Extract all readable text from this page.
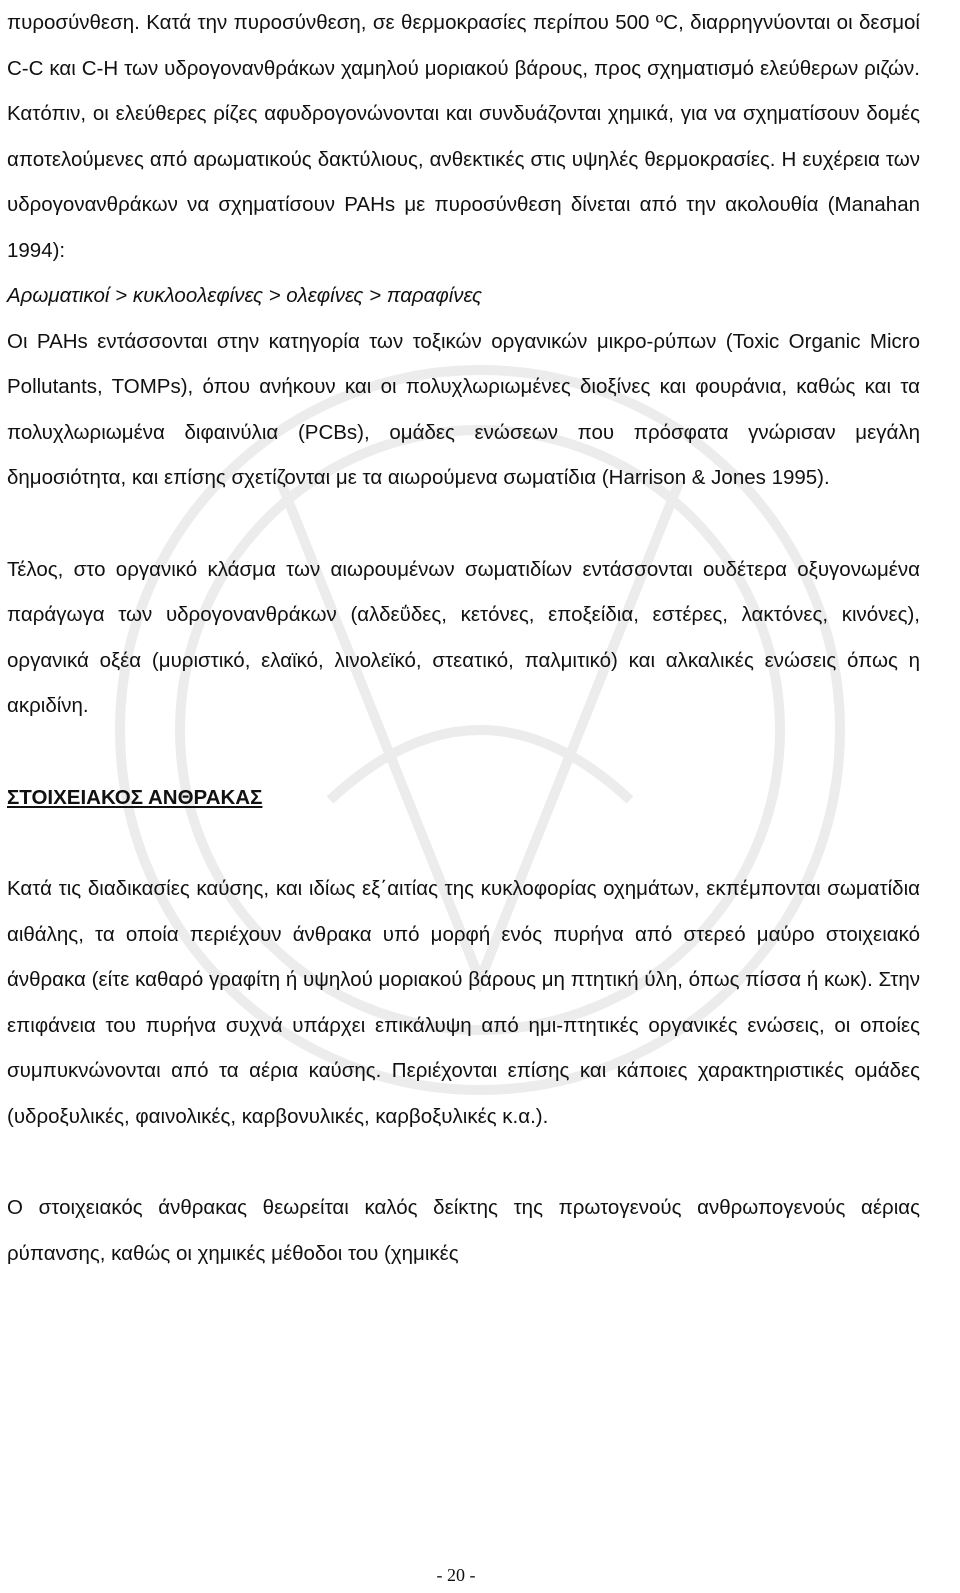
πυροσύνθεση. Κατά την πυροσύνθεση, σε θερμοκρασίες περίπου 500 ºC, διαρρηγνύονται οι δεσμοί C-C και C-H των υδρογονανθράκων χαμηλού μοριακού βάρους, προς σχηματισμό ελεύθερων ριζών. Κατόπιν, οι ελεύθερες ρίζες αφυδρογονώνονται και συνδυάζονται χημικά, για να σχηματίσουν δομές αποτελούμενες από αρωματικούς δακτύλιους, ανθεκτικές στις υψηλές θερμοκρασίες. Η ευχέρεια των υδρογονανθράκων να σχηματίσουν PAHs με πυροσύνθεση δίνεται από την ακολουθία (Manahan 1994):
Αρωματικοί > κυκλοολεφίνες > ολεφίνες > παραφίνες
Οι PAHs εντάσσονται στην κατηγορία των τοξικών οργανικών μικρο-ρύπων (Toxic Organic Micro Pollutants, TOMPs), όπου ανήκουν και οι πολυχλωριωμένες διοξίνες και φουράνια, καθώς και τα πολυχλωριωμένα διφαινύλια (PCBs), ομάδες ενώσεων που πρόσφατα γνώρισαν μεγάλη δημοσιότητα, και επίσης σχετίζονται με τα αιωρούμενα σωματίδια (Harrison & Jones 1995).

Τέλος, στο οργανικό κλάσμα των αιωρουμένων σωματιδίων εντάσσονται ουδέτερα οξυγονωμένα παράγωγα των υδρογονανθράκων (αλδεΰδες, κετόνες, εποξείδια, εστέρες, λακτόνες, κινόνες), οργανικά οξέα (μυριστικό, ελαϊκό, λινολεϊκό, στεατικό, παλμιτικό) και αλκαλικές ενώσεις όπως η ακριδίνη.

ΣΤΟΙΧΕΙΑΚΟΣ ΑΝΘΡΑΚΑΣ

Κατά τις διαδικασίες καύσης, και ιδίως εξ΄αιτίας της κυκλοφορίας οχημάτων, εκπέμπονται σωματίδια αιθάλης, τα οποία περιέχουν άνθρακα υπό μορφή ενός πυρήνα από στερεό μαύρο στοιχειακό άνθρακα (είτε καθαρό γραφίτη ή υψηλού μοριακού βάρους μη πτητική ύλη, όπως πίσσα ή κωκ). Στην επιφάνεια του πυρήνα συχνά υπάρχει επικάλυψη από ημι-πτητικές οργανικές ενώσεις, οι οποίες συμπυκνώνονται από τα αέρια καύσης. Περιέχονται επίσης και κάποιες χαρακτηριστικές ομάδες (υδροξυλικές, φαινολικές, καρβονυλικές, καρβοξυλικές κ.α.).

Ο στοιχειακός άνθρακας θεωρείται καλός δείκτης της πρωτογενούς ανθρωπογενούς αέριας ρύπανσης, καθώς οι χημικές μέθοδοι του (χημικές

- 20 -
